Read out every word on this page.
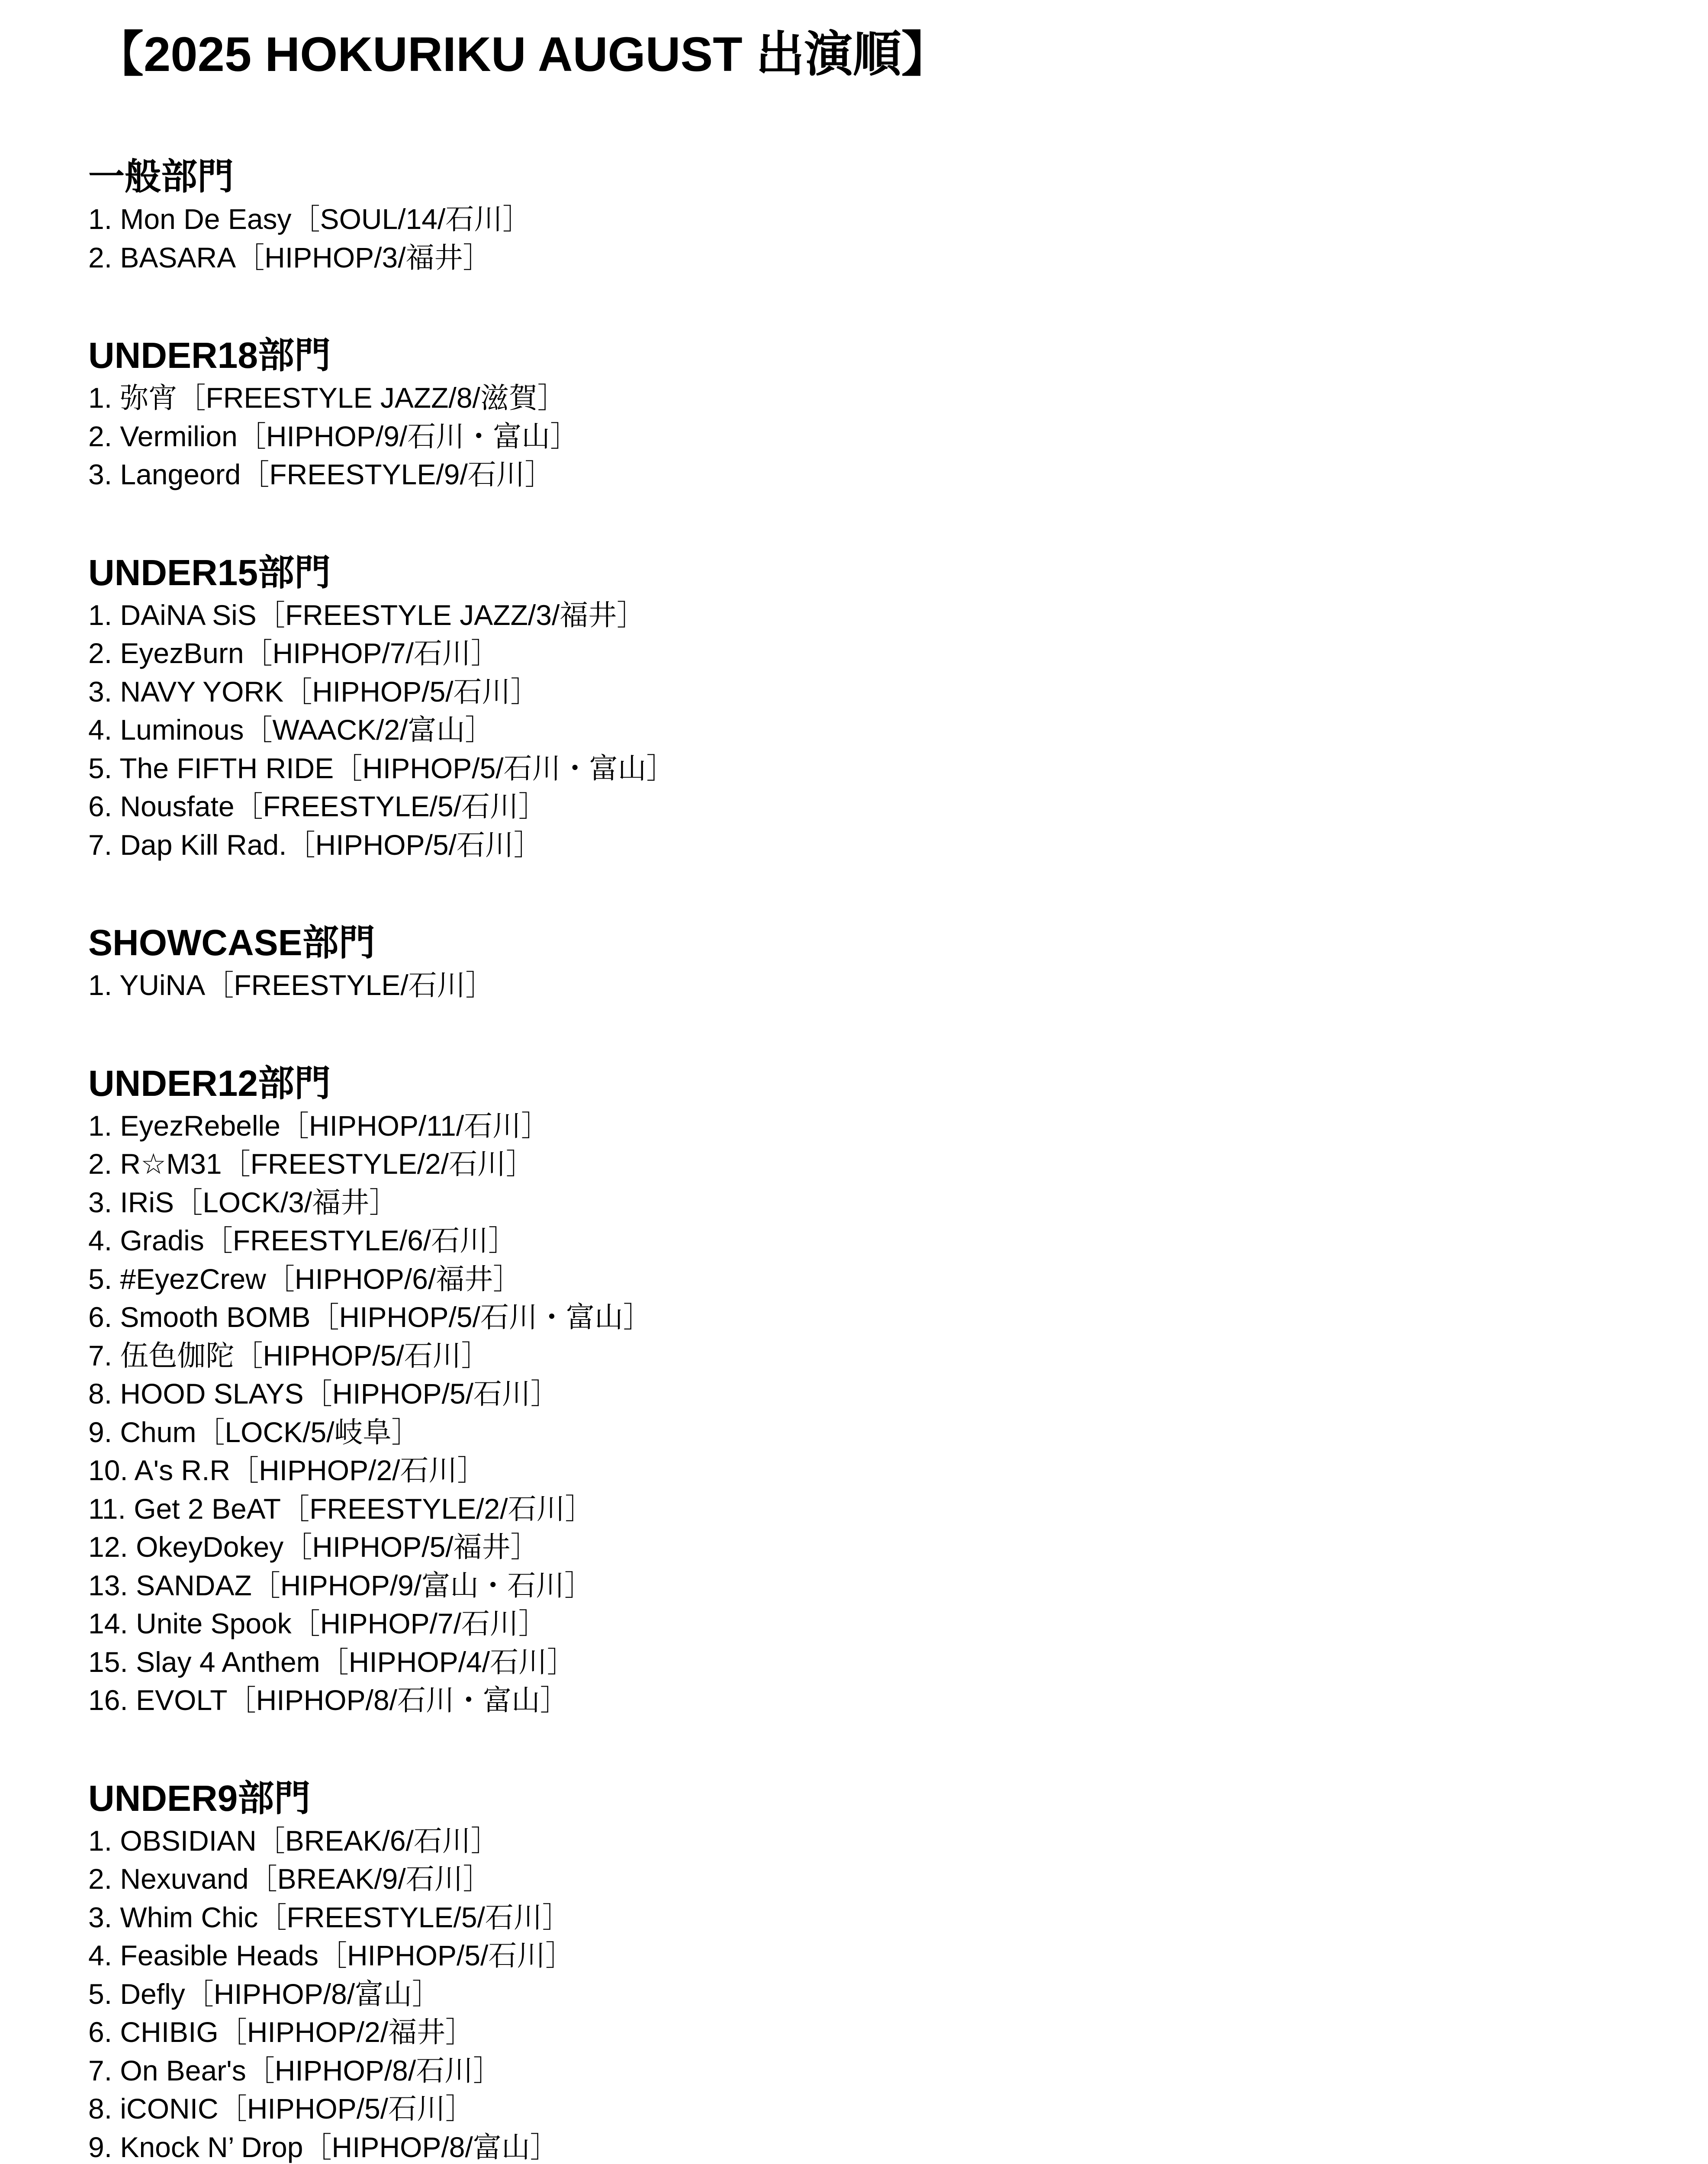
【2025 HOKURIKU AUGUST 出演順】
一般部門
1. Mon De Easy［SOUL/14/石川］
2. BASARA［HIPHOP/3/福井］
UNDER18部門
1. 弥宵［FREESTYLE JAZZ/8/滋賀］
2. Vermilion［HIPHOP/9/石川・富山］
3. Langeord［FREESTYLE/9/石川］
UNDER15部門
1. DAiNA SiS［FREESTYLE JAZZ/3/福井］
2. EyezBurn［HIPHOP/7/石川］
3. NAVY YORK［HIPHOP/5/石川］
4. Luminous［WAACK/2/富山］
5. The FIFTH RIDE［HIPHOP/5/石川・富山］
6. Nousfate［FREESTYLE/5/石川］
7. Dap Kill Rad.［HIPHOP/5/石川］
SHOWCASE部門
1. YUiNA［FREESTYLE/石川］
UNDER12部門
1. EyezRebelle［HIPHOP/11/石川］
2. R☆M31［FREESTYLE/2/石川］
3. IRiS［LOCK/3/福井］
4. Gradis［FREESTYLE/6/石川］
5. #EyezCrew［HIPHOP/6/福井］
6. Smooth BOMB［HIPHOP/5/石川・富山］
7. 伍色伽陀［HIPHOP/5/石川］
8. HOOD SLAYS［HIPHOP/5/石川］
9. Chum［LOCK/5/岐阜］
10. A's R.R［HIPHOP/2/石川］
11. Get 2 BeAT［FREESTYLE/2/石川］
12. OkeyDokey［HIPHOP/5/福井］
13. SANDAZ［HIPHOP/9/富山・石川］
14. Unite Spook［HIPHOP/7/石川］
15. Slay 4 Anthem［HIPHOP/4/石川］
16. EVOLT［HIPHOP/8/石川・富山］
UNDER9部門
1. OBSIDIAN［BREAK/6/石川］
2. Nexuvand［BREAK/9/石川］
3. Whim Chic［FREESTYLE/5/石川］
4. Feasible Heads［HIPHOP/5/石川］
5. Defly［HIPHOP/8/富山］
6. CHIBIG［HIPHOP/2/福井］
7. On Bear's［HIPHOP/8/石川］
8. iCONIC［HIPHOP/5/石川］
9. Knock N’ Drop［HIPHOP/8/富山］
